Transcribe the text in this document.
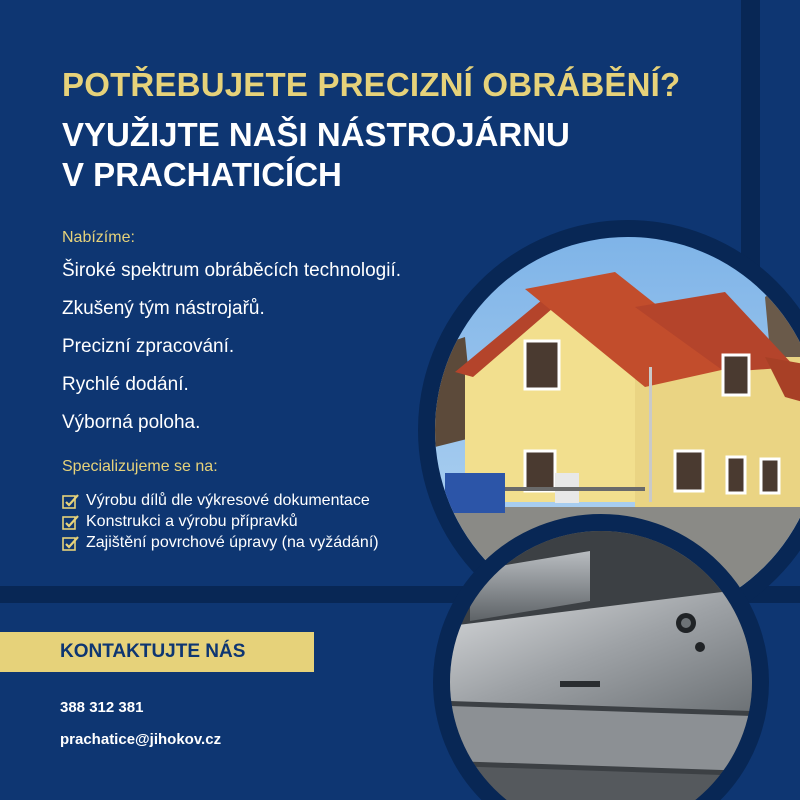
POTŘEBUJETE PRECIZNÍ OBRÁBĚNÍ?
VYUŽIJTE NAŠI NÁSTROJÁRNU
V PRACHATICÍCH
Nabízíme:
Široké spektrum obráběcích technologií.
Zkušený tým nástrojařů.
Precizní zpracování.
Rychlé dodání.
Výborná poloha.
Specializujeme se na:
Výrobu dílů dle výkresové dokumentace
Konstrukci a výrobu přípravků
Zajištění povrchové úpravy (na vyžádání)
KONTAKTUJTE NÁS
388 312 381
prachatice@jihokov.cz
